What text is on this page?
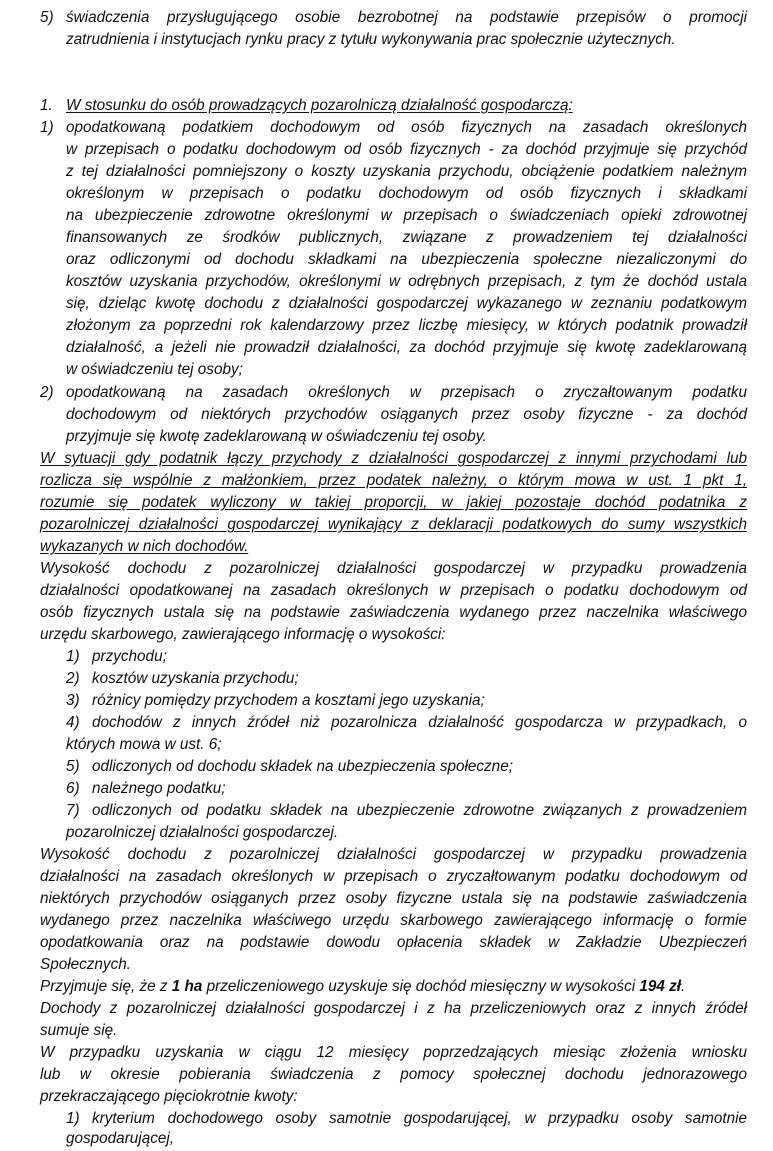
5) świadczenia przysługującego osobie bezrobotnej na podstawie przepisów o promocji
zatrudnienia i instytucjach rynku pracy z tytułu wykonywania prac społecznie użytecznych.
1. W stosunku do osób prowadzących pozarolniczą działalność gospodarczą:
1) opodatkowaną podatkiem dochodowym od osób fizycznych na zasadach określonych
w przepisach o podatku dochodowym od osób fizycznych - za dochód przyjmuje się przychód
z tej działalności pomniejszony o koszty uzyskania przychodu, obciążenie podatkiem należnym
określonym w przepisach o podatku dochodowym od osób fizycznych i składkami
na ubezpieczenie zdrowotne określonymi w przepisach o świadczeniach opieki zdrowotnej
finansowanych ze środków publicznych, związane z prowadzeniem tej działalności
oraz odliczonymi od dochodu składkami na ubezpieczenia społeczne niezaliczonymi do
kosztów uzyskania przychodów, określonymi w odrębnych przepisach, z tym że dochód ustala
się, dzieląc kwotę dochodu z działalności gospodarczej wykazanego w zeznaniu podatkowym
złożonym za poprzedni rok kalendarzowy przez liczbę miesięcy, w których podatnik prowadził
działalność, a jeżeli nie prowadził działalności, za dochód przyjmuje się kwotę zadeklarowaną
w oświadczeniu tej osoby;
2) opodatkowaną na zasadach określonych w przepisach o zryczałtowanym podatku
dochodowym od niektórych przychodów osiąganych przez osoby fizyczne - za dochód
przyjmuje się kwotę zadeklarowaną w oświadczeniu tej osoby.
W sytuacji gdy podatnik łączy przychody z działalności gospodarczej z innymi przychodami lub
rozlicza się wspólnie z małżonkiem, przez podatek należny, o którym mowa w ust. 1 pkt 1,
rozumie się podatek wyliczony w takiej proporcji, w jakiej pozostaje dochód podatnika z
pozarolniczej działalności gospodarczej wynikający z deklaracji podatkowych do sumy wszystkich
wykazanych w nich dochodów.
Wysokość dochodu z pozarolniczej działalności gospodarczej w przypadku prowadzenia
działalności opodatkowanej na zasadach określonych w przepisach o podatku dochodowym od
osób fizycznych ustala się na podstawie zaświadczenia wydanego przez naczelnika właściwego
urzędu skarbowego, zawierającego informację o wysokości:
1) przychodu;
2) kosztów uzyskania przychodu;
3) różnicy pomiędzy przychodem a kosztami jego uzyskania;
4) dochodów z innych źródeł niż pozarolnicza działalność gospodarcza w przypadkach, o
których mowa w ust. 6;
5) odliczonych od dochodu składek na ubezpieczenia społeczne;
6) należnego podatku;
7) odliczonych od podatku składek na ubezpieczenie zdrowotne związanych z prowadzeniem
pozarolniczej działalności gospodarczej.
Wysokość dochodu z pozarolniczej działalności gospodarczej w przypadku prowadzenia
działalności na zasadach określonych w przepisach o zryczałtowanym podatku dochodowym od
niektórych przychodów osiąganych przez osoby fizyczne ustala się na podstawie zaświadczenia
wydanego przez naczelnika właściwego urzędu skarbowego zawierającego informację o formie
opodatkowania oraz na podstawie dowodu opłacenia składek w Zakładzie Ubezpieczeń
Społecznych.
Przyjmuje się, że z 1 ha przeliczeniowego uzyskuje się dochód miesięczny w wysokości 194 zł.
Dochody z pozarolniczej działalności gospodarczej i z ha przeliczeniowych oraz z innych źródeł
sumuje się.
W przypadku uzyskania w ciągu 12 miesięcy poprzedzających miesiąc złożenia wniosku
lub w okresie pobierania świadczenia z pomocy społecznej dochodu jednorazowego
przekraczającego pięciokrotnie kwoty:
1) kryterium dochodowego osoby samotnie gospodarującej, w przypadku osoby samotnie
gospodarującej,
